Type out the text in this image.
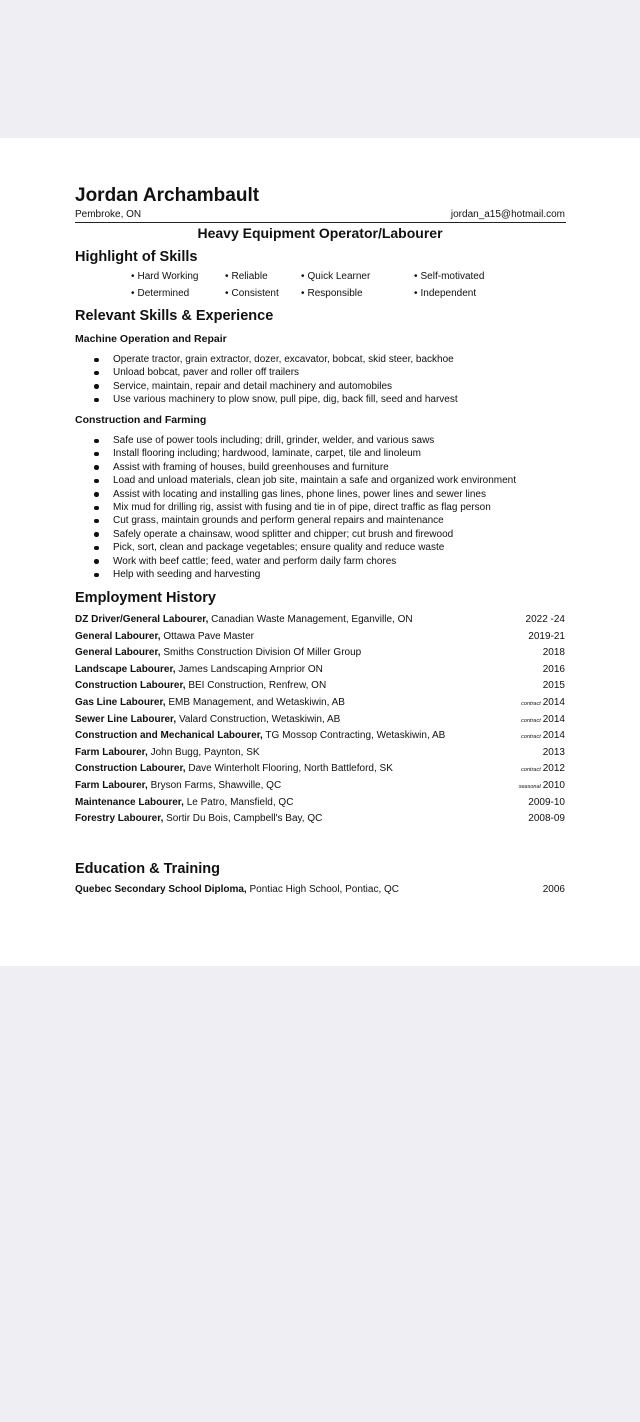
Jordan Archambault
Pembroke, ON	jordan_a15@hotmail.com
Heavy Equipment Operator/Labourer
Highlight of Skills
• Hard Working	• Reliable	• Quick Learner	• Self-motivated
• Determined	• Consistent	• Responsible	• Independent
Relevant Skills & Experience
Machine Operation and Repair
Operate tractor, grain extractor, dozer, excavator, bobcat, skid steer, backhoe
Unload bobcat, paver and roller off trailers
Service, maintain, repair and detail machinery and automobiles
Use various machinery to plow snow, pull pipe, dig, back fill, seed and harvest
Construction and Farming
Safe use of power tools including; drill, grinder, welder, and various saws
Install flooring including; hardwood, laminate, carpet, tile and linoleum
Assist with framing of houses, build greenhouses and furniture
Load and unload materials, clean job site, maintain a safe and organized work environment
Assist with locating and installing gas lines, phone lines, power lines and sewer lines
Mix mud for drilling rig, assist with fusing and tie in of pipe, direct traffic as flag person
Cut grass, maintain grounds and perform general repairs and maintenance
Safely operate a chainsaw, wood splitter and chipper; cut brush and firewood
Pick, sort, clean and package vegetables; ensure quality and reduce waste
Work with beef cattle; feed, water and perform daily farm chores
Help with seeding and harvesting
Employment History
DZ Driver/General Labourer, Canadian Waste Management, Eganville, ON	2022 -24
General Labourer, Ottawa Pave Master	2019-21
General Labourer, Smiths Construction Division Of Miller Group	2018
Landscape Labourer, James Landscaping Arnprior ON	2016
Construction Labourer, BEI Construction, Renfrew, ON	2015
Gas Line Labourer, EMB Management, and Wetaskiwin, AB	contract 2014
Sewer Line Labourer, Valard Construction, Wetaskiwin, AB	contract 2014
Construction and Mechanical Labourer, TG Mossop Contracting, Wetaskiwin, AB	contract 2014
Farm Labourer, John Bugg, Paynton, SK	2013
Construction Labourer, Dave Winterholt Flooring, North Battleford, SK	contract 2012
Farm Labourer, Bryson Farms, Shawville, QC	seasonal 2010
Maintenance Labourer, Le Patro, Mansfield, QC	2009-10
Forestry Labourer, Sortir Du Bois, Campbell's Bay, QC	2008-09
Education & Training
Quebec Secondary School Diploma, Pontiac High School, Pontiac, QC	2006
